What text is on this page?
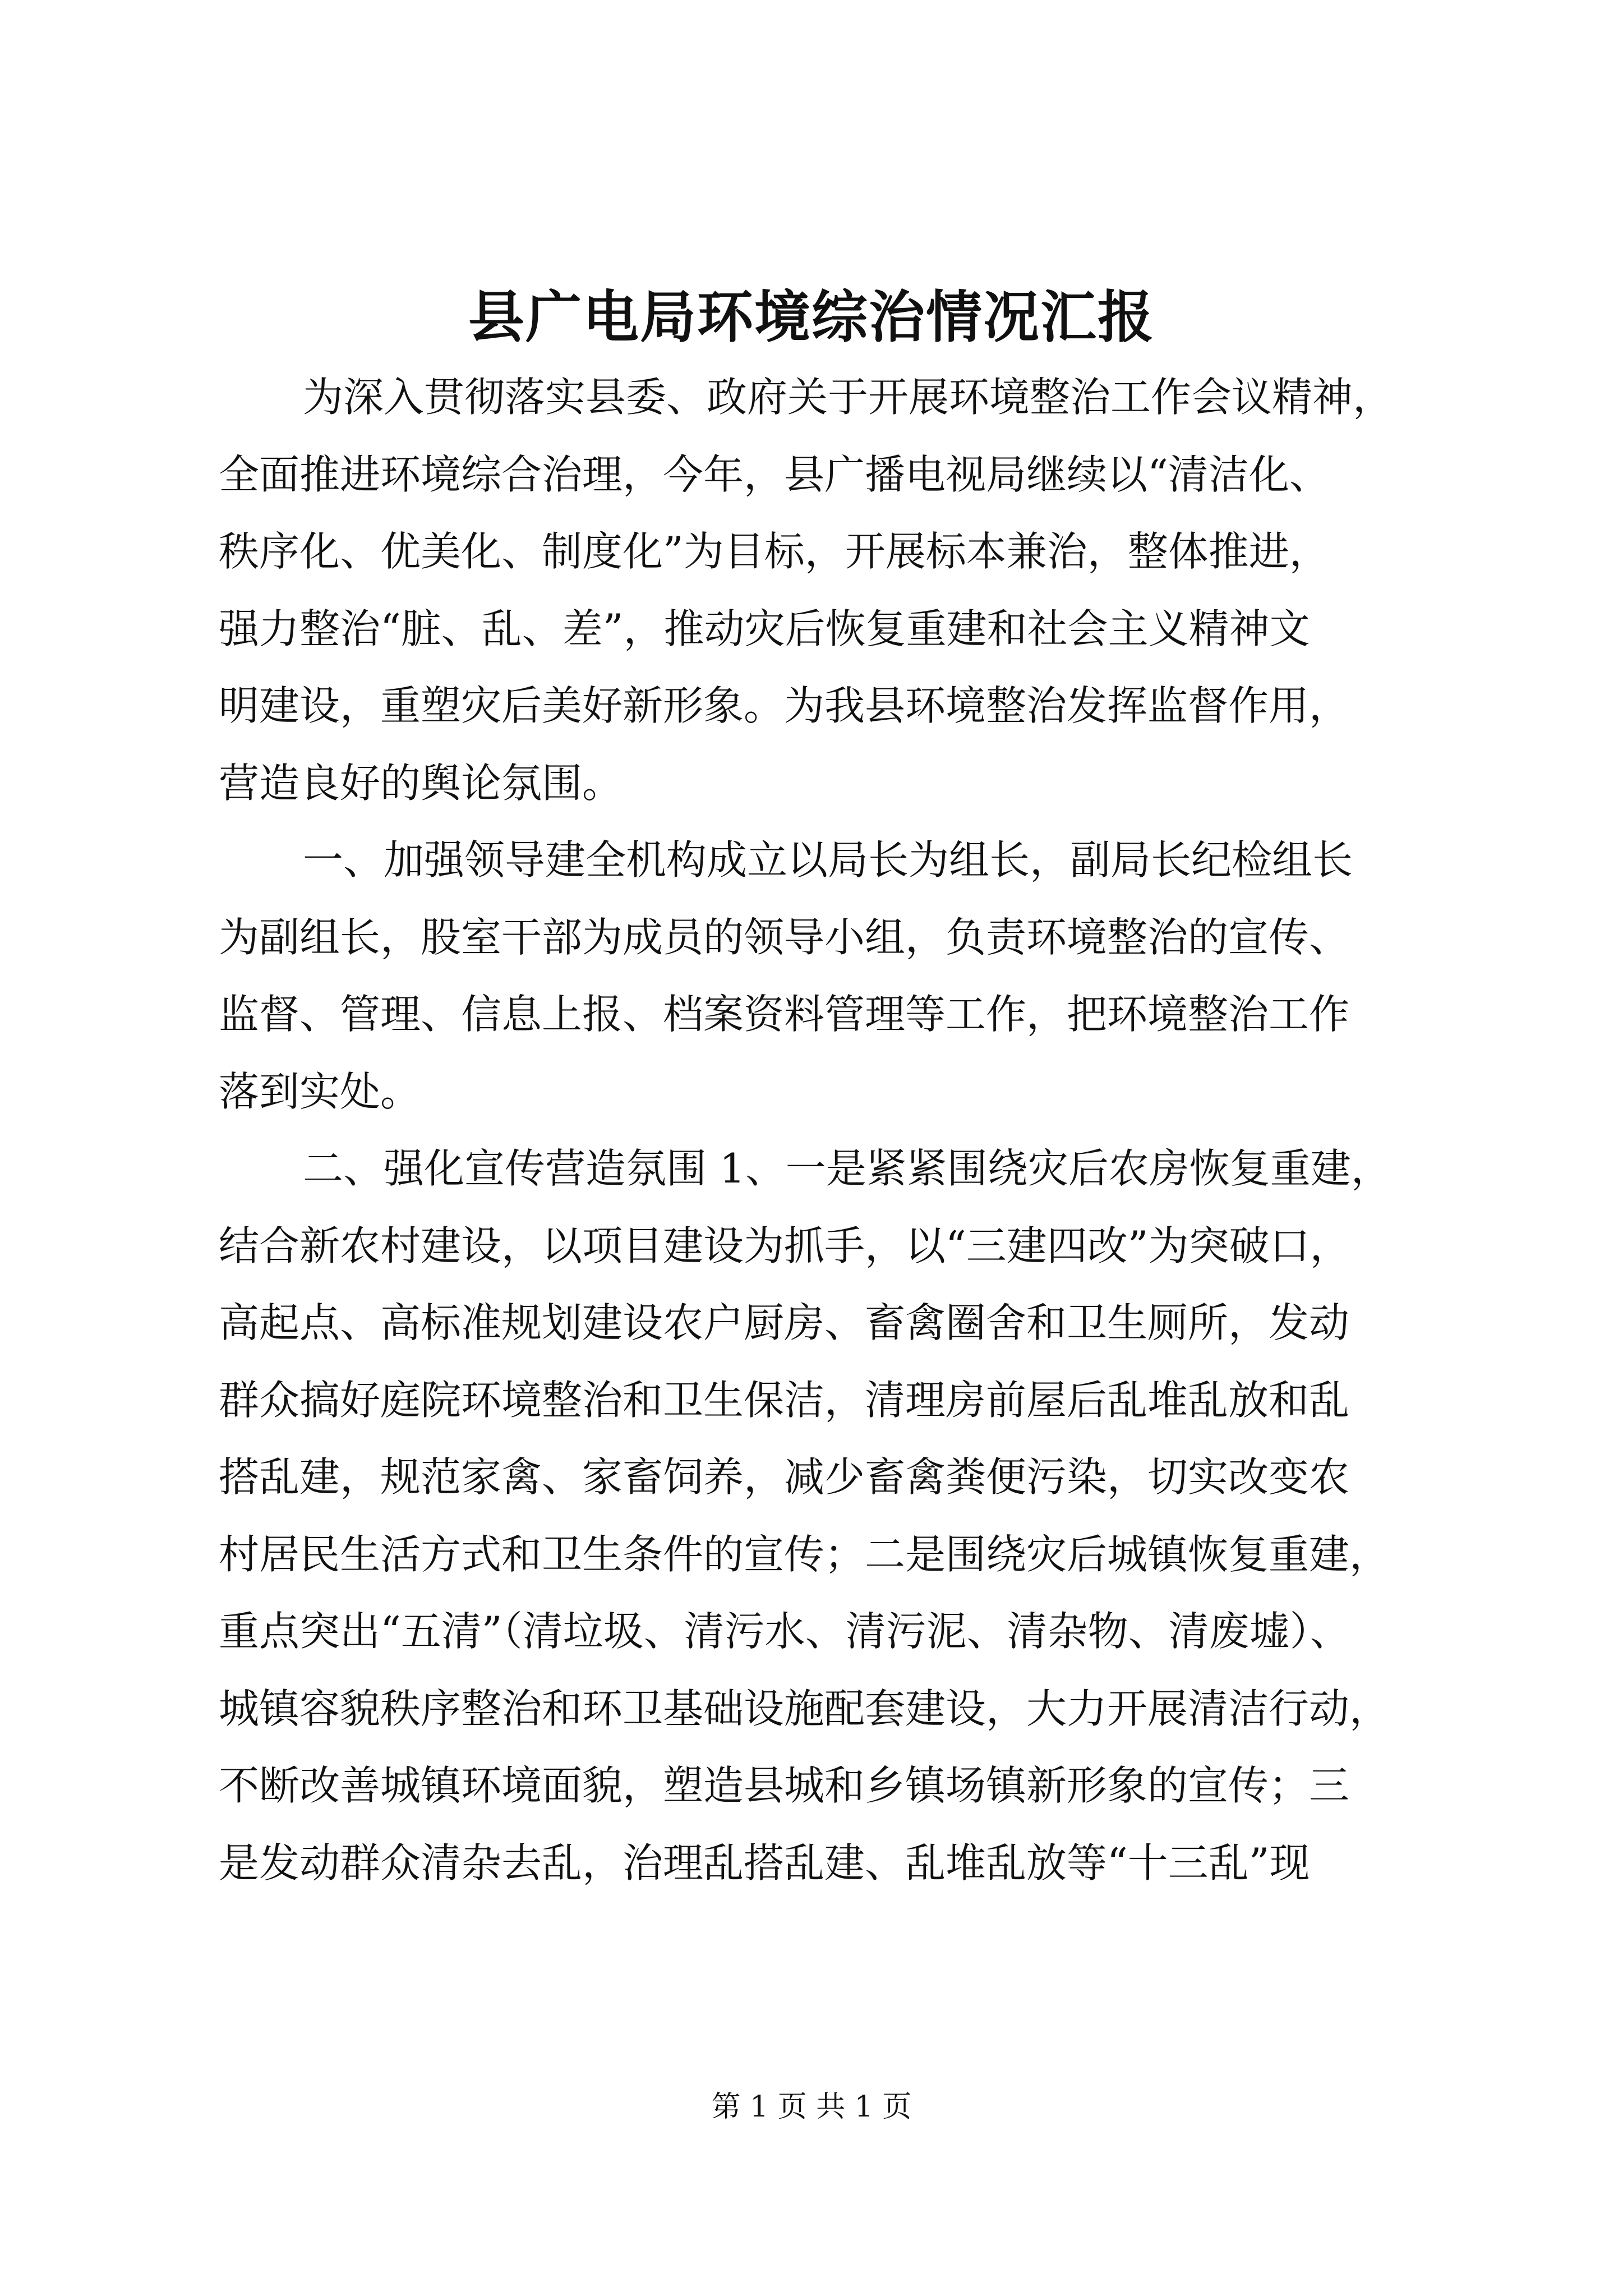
县广电局环境综治情况汇报
为深入贯彻落实县委、政府关于开展环境整治工作会议精神，
全面推进环境综合治理，今年，县广播电视局继续以“清洁化、
秩序化、优美化、制度化”为目标，开展标本兼治，整体推进，
强力整治“脏、乱、差”，推动灾后恢复重建和社会主义精神文
明建设，重塑灾后美好新形象。为我县环境整治发挥监督作用，
营造良好的舆论氛围。
一、加强领导建全机构成立以局长为组长，副局长纪检组长
为副组长，股室干部为成员的领导小组，负责环境整治的宣传、
监督、管理、信息上报、档案资料管理等工作，把环境整治工作
落到实处。
二、强化宣传营造氛围 1、一是紧紧围绕灾后农房恢复重建，
结合新农村建设，以项目建设为抓手，以“三建四改”为突破口，
高起点、高标准规划建设农户厨房、畜禽圈舍和卫生厕所，发动
群众搞好庭院环境整治和卫生保洁，清理房前屋后乱堆乱放和乱
搭乱建，规范家禽、家畜饲养，减少畜禽粪便污染，切实改变农
村居民生活方式和卫生条件的宣传；二是围绕灾后城镇恢复重建，
重点突出“五清”（清垃圾、清污水、清污泥、清杂物、清废墟）、
城镇容貌秩序整治和环卫基础设施配套建设，大力开展清洁行动，
不断改善城镇环境面貌，塑造县城和乡镇场镇新形象的宣传；三
是发动群众清杂去乱，治理乱搭乱建、乱堆乱放等“十三乱”现
第 1 页 共 1 页
